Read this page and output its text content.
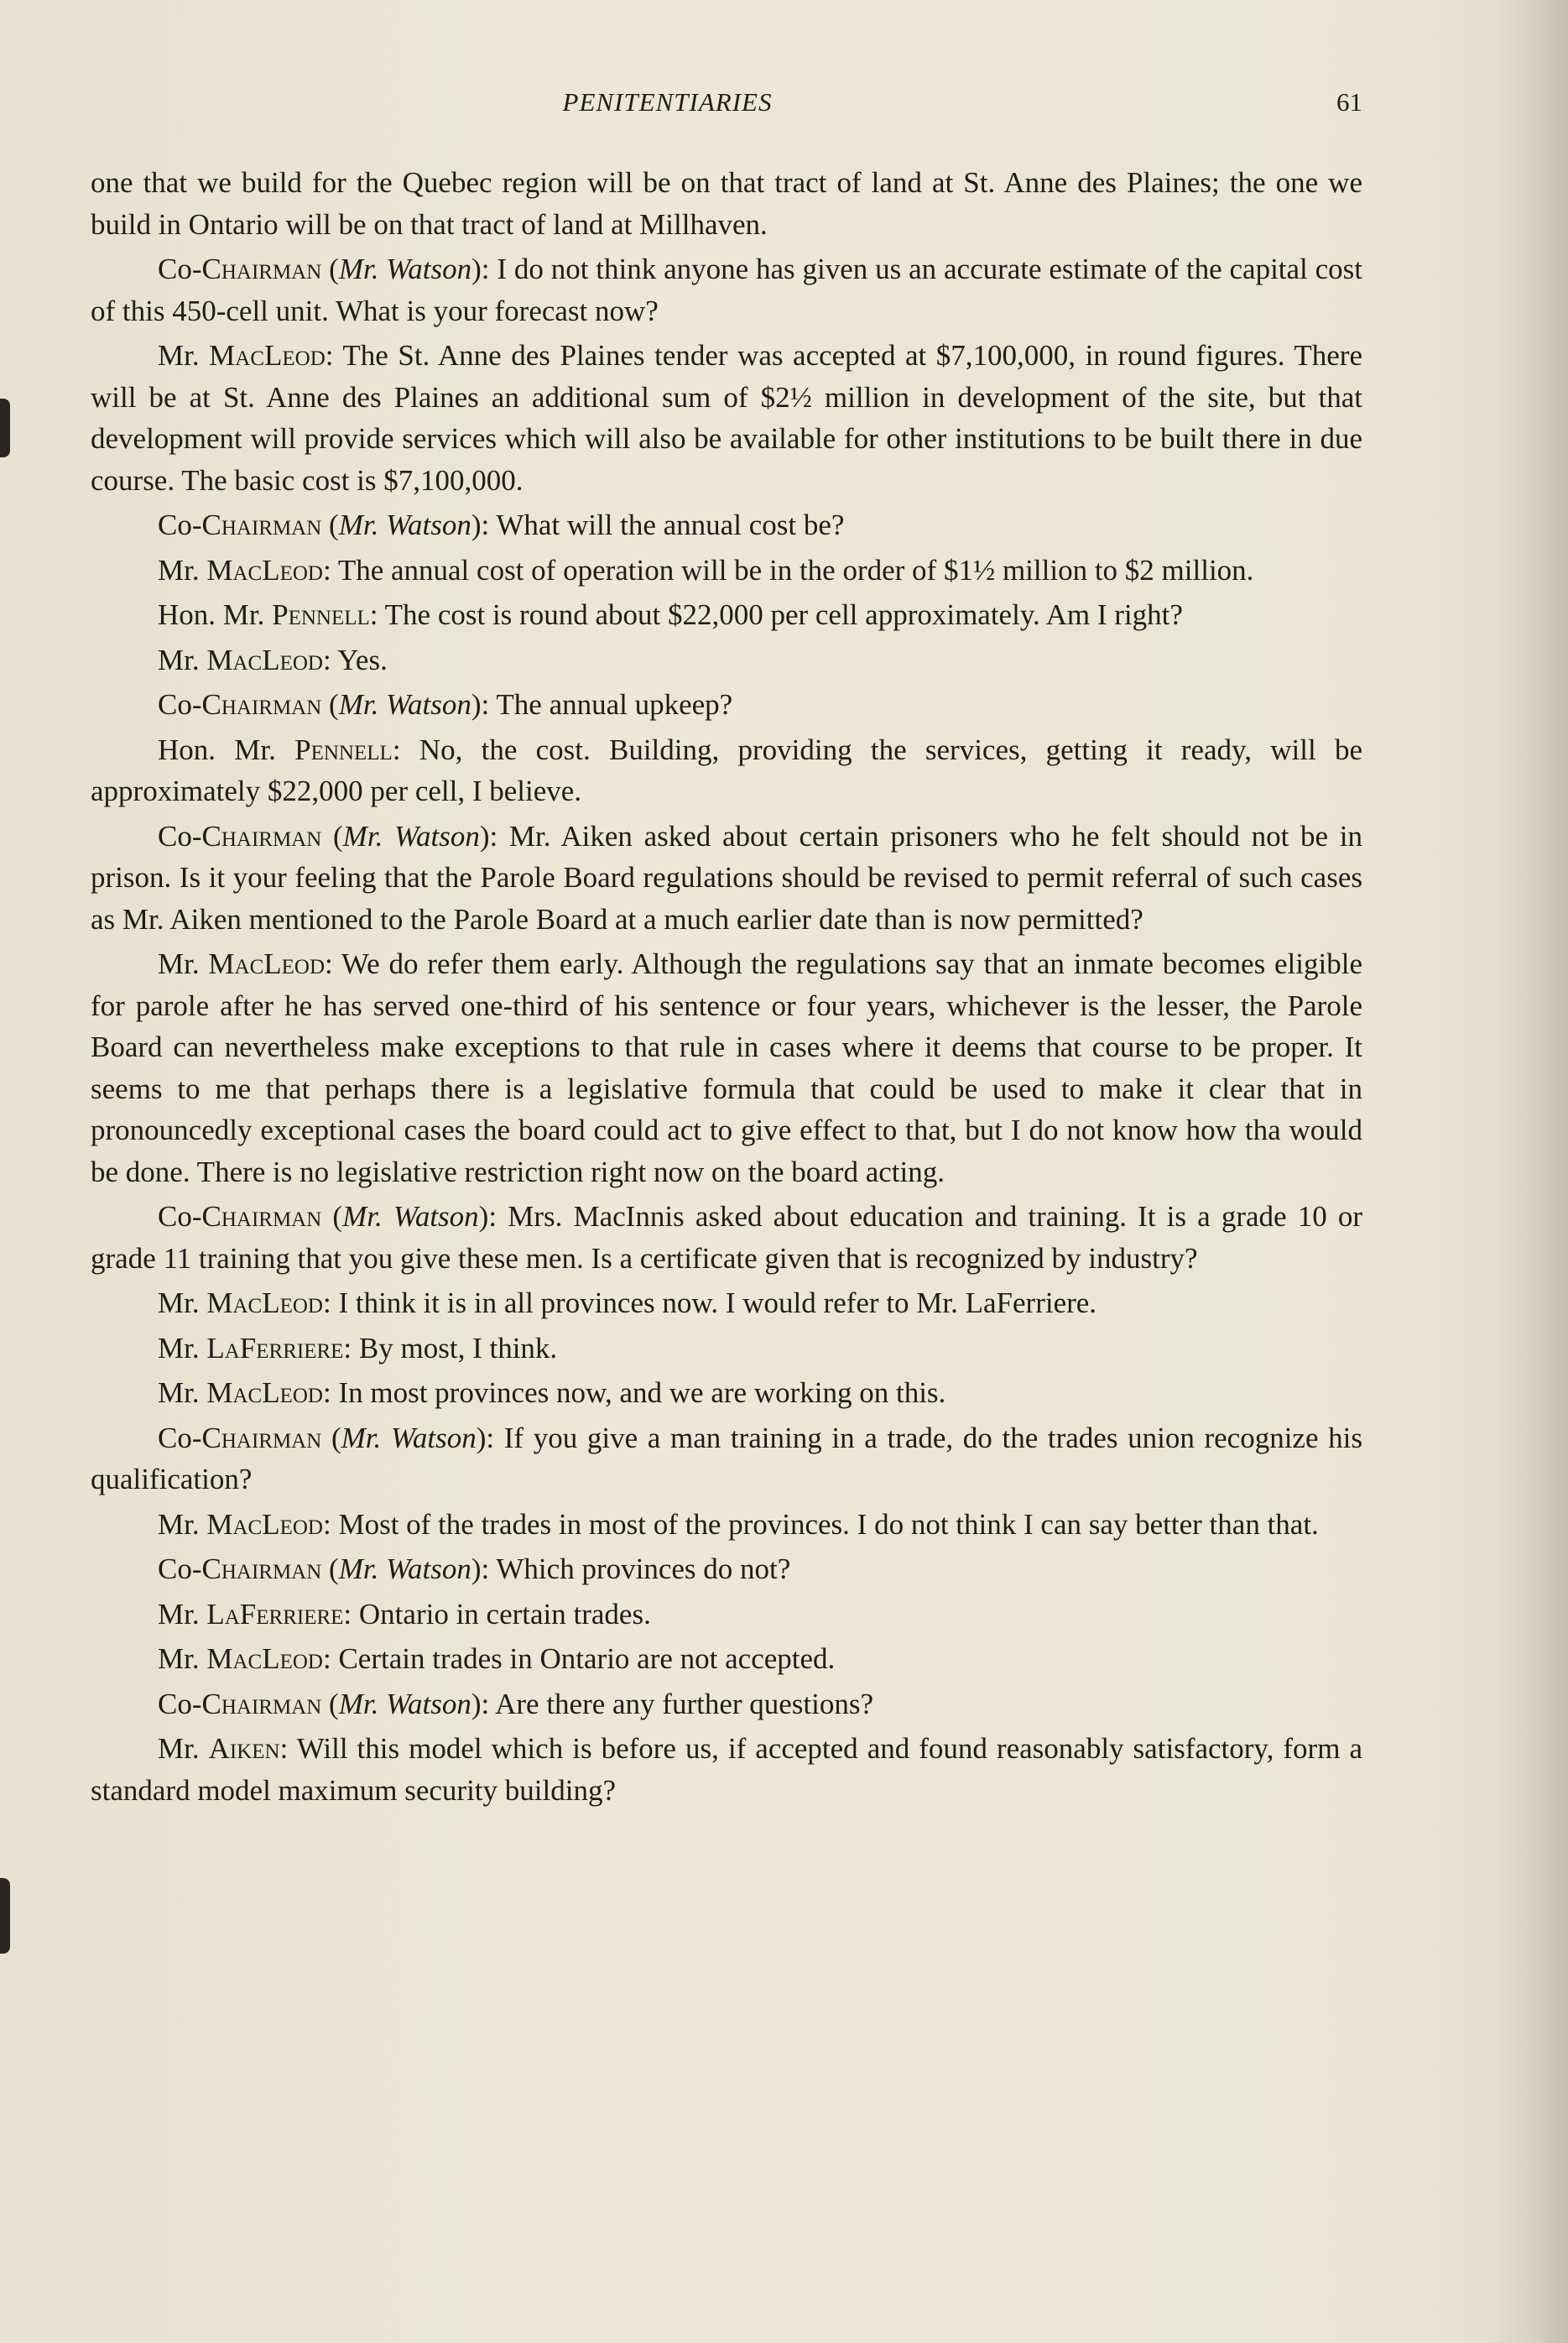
PENITENTIARIES	61

one that we build for the Quebec region will be on that tract of land at St. Anne des Plaines; the one we build in Ontario will be on that tract of land at Millhaven.

Co-Chairman (Mr. Watson): I do not think anyone has given us an accurate estimate of the capital cost of this 450-cell unit. What is your forecast now?

Mr. MacLeod: The St. Anne des Plaines tender was accepted at $7,100,000, in round figures. There will be at St. Anne des Plaines an additional sum of $2½ million in development of the site, but that development will provide services which will also be available for other institutions to be built there in due course. The basic cost is $7,100,000.

Co-Chairman (Mr. Watson): What will the annual cost be?

Mr. MacLeod: The annual cost of operation will be in the order of $1½ million to $2 million.

Hon. Mr. Pennell: The cost is round about $22,000 per cell approximately. Am I right?

Mr. MacLeod: Yes.

Co-Chairman (Mr. Watson): The annual upkeep?

Hon. Mr. Pennell: No, the cost. Building, providing the services, getting it ready, will be approximately $22,000 per cell, I believe.

Co-Chairman (Mr. Watson): Mr. Aiken asked about certain prisoners who he felt should not be in prison. Is it your feeling that the Parole Board regulations should be revised to permit referral of such cases as Mr. Aiken mentioned to the Parole Board at a much earlier date than is now permitted?

Mr. MacLeod: We do refer them early. Although the regulations say that an inmate becomes eligible for parole after he has served one-third of his sentence or four years, whichever is the lesser, the Parole Board can nevertheless make exceptions to that rule in cases where it deems that course to be proper. It seems to me that perhaps there is a legislative formula that could be used to make it clear that in pronouncedly exceptional cases the board could act to give effect to that, but I do not know how tha would be done. There is no legislative restriction right now on the board acting.

Co-Chairman (Mr. Watson): Mrs. MacInnis asked about education and training. It is a grade 10 or grade 11 training that you give these men. Is a certificate given that is recognized by industry?

Mr. MacLeod: I think it is in all provinces now. I would refer to Mr. LaFerriere.

Mr. LaFerriere: By most, I think.

Mr. MacLeod: In most provinces now, and we are working on this.

Co-Chairman (Mr. Watson): If you give a man training in a trade, do the trades union recognize his qualification?

Mr. MacLeod: Most of the trades in most of the provinces. I do not think I can say better than that.

Co-Chairman (Mr. Watson): Which provinces do not?

Mr. LaFerriere: Ontario in certain trades.

Mr. MacLeod: Certain trades in Ontario are not accepted.

Co-Chairman (Mr. Watson): Are there any further questions?

Mr. Aiken: Will this model which is before us, if accepted and found reasonably satisfactory, form a standard model maximum security building?
